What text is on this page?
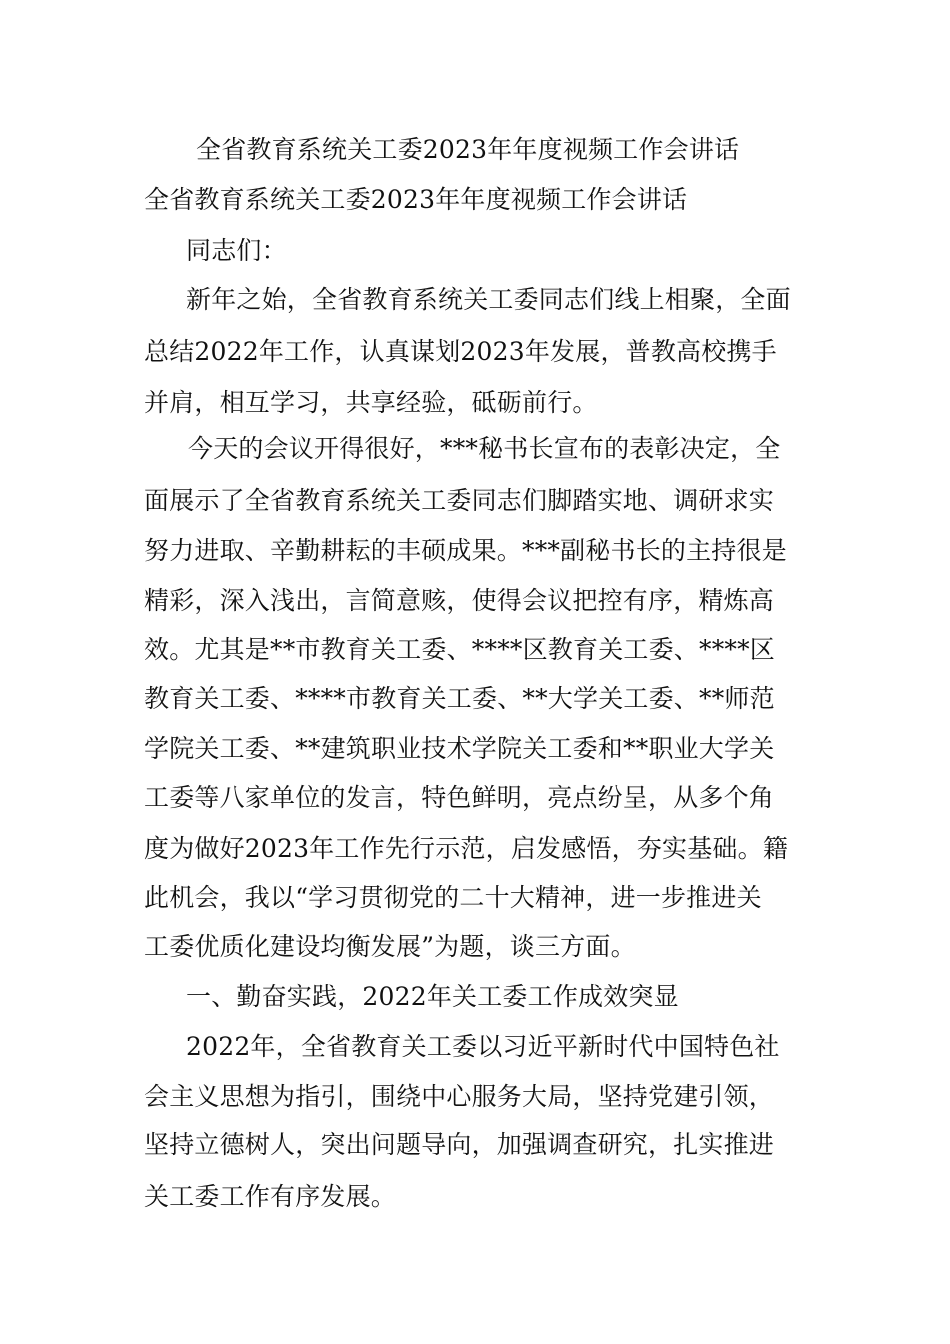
全省教育系统关工委2023年年度视频工作会讲话
全省教育系统关工委2023年年度视频工作会讲话
同志们：
新年之始，全省教育系统关工委同志们线上相聚，全面
总结2022年工作，认真谋划2023年发展，普教高校携手
并肩，相互学习，共享经验，砥砺前行。
今天的会议开得很好，***秘书长宣布的表彰决定，全
面展示了全省教育系统关工委同志们脚踏实地、调研求实
努力进取、辛勤耕耘的丰硕成果。***副秘书长的主持很是
精彩，深入浅出，言简意赅，使得会议把控有序，精炼高
效。尤其是**市教育关工委、****区教育关工委、****区
教育关工委、****市教育关工委、**大学关工委、**师范
学院关工委、**建筑职业技术学院关工委和**职业大学关
工委等八家单位的发言，特色鲜明，亮点纷呈，从多个角
度为做好2023年工作先行示范，启发感悟，夯实基础。籍
此机会，我以“学习贯彻党的二十大精神，进一步推进关
工委优质化建设均衡发展”为题，谈三方面。
一、勤奋实践，2022年关工委工作成效突显
2022年，全省教育关工委以习近平新时代中国特色社
会主义思想为指引，围绕中心服务大局，坚持党建引领，
坚持立德树人，突出问题导向，加强调查研究，扎实推进
关工委工作有序发展。
